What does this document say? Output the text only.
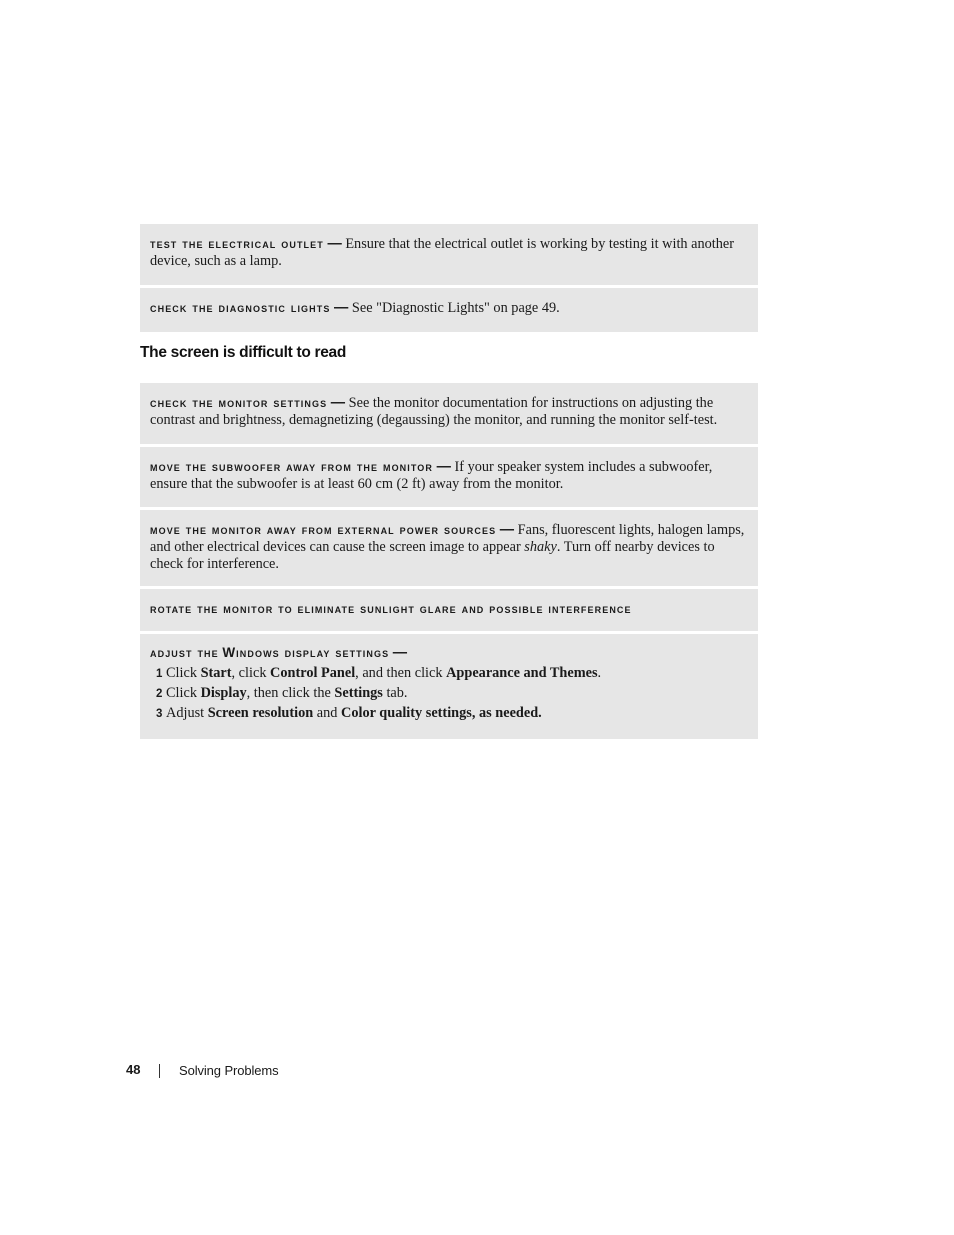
test the electrical outlet — Ensure that the electrical outlet is working by testing it with another device, such as a lamp.
check the diagnostic lights — See "Diagnostic Lights" on page 49.
The screen is difficult to read
check the monitor settings — See the monitor documentation for instructions on adjusting the contrast and brightness, demagnetizing (degaussing) the monitor, and running the monitor self-test.
move the subwoofer away from the monitor — If your speaker system includes a subwoofer, ensure that the subwoofer is at least 60 cm (2 ft) away from the monitor.
move the monitor away from external power sources — Fans, fluorescent lights, halogen lamps, and other electrical devices can cause the screen image to appear shaky. Turn off nearby devices to check for interference.
rotate the monitor to eliminate sunlight glare and possible interference
adjust the Windows display settings —
1 Click Start, click Control Panel, and then click Appearance and Themes.
2 Click Display, then click the Settings tab.
3 Adjust Screen resolution and Color quality settings, as needed.
48	Solving Problems
